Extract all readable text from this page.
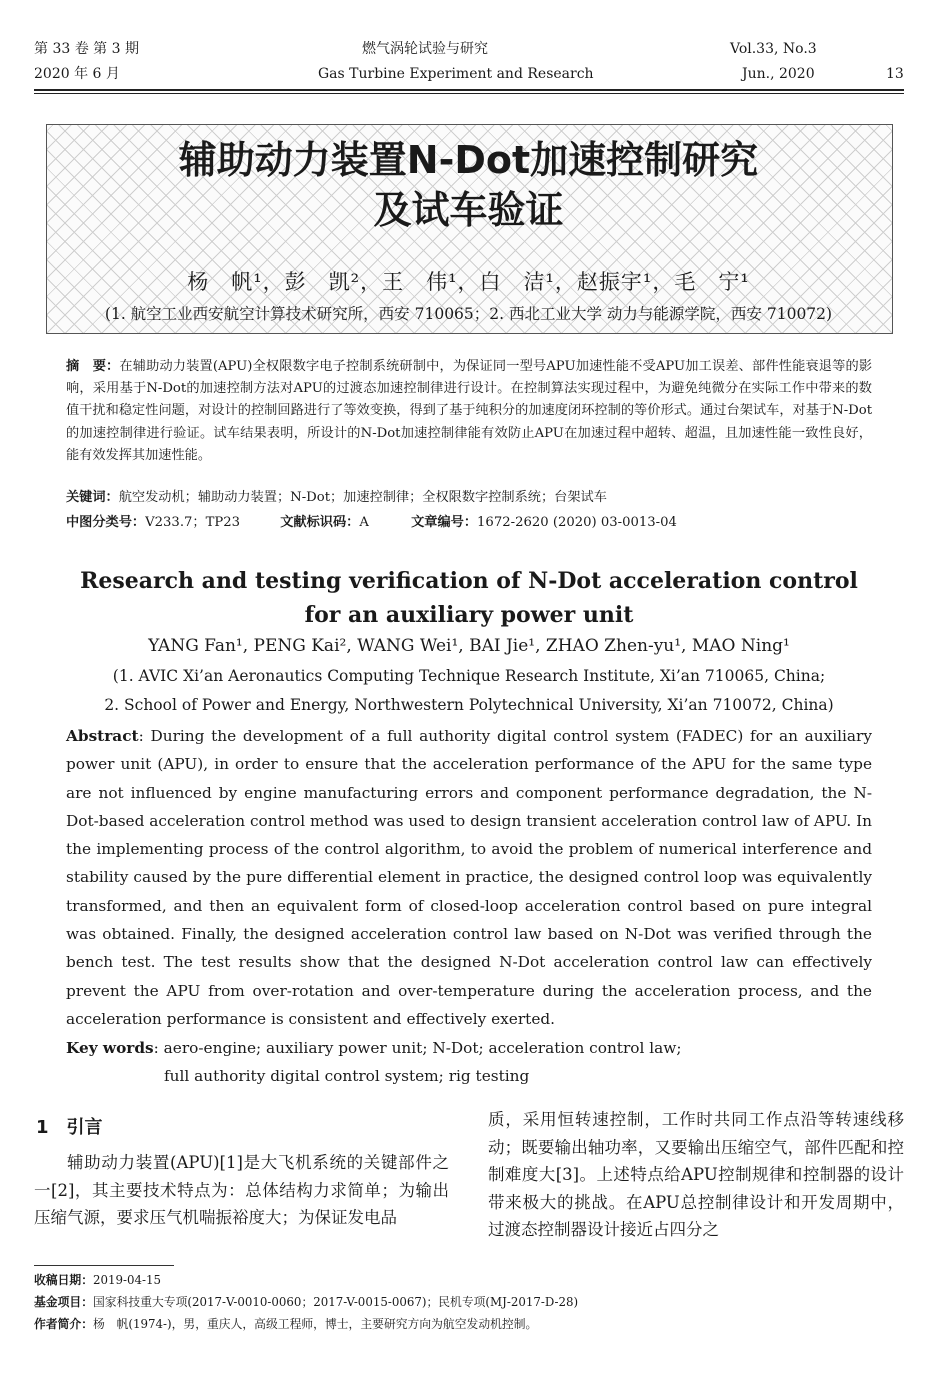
第 33 卷 第 3 期
2020 年 6 月
燃气涡轮试验与研究
Gas Turbine Experiment and Research
Vol.33, No.3
Jun., 2020	13
辅助动力装置N-Dot加速控制研究
及试车验证
杨　帆¹，彭　凯²，王　伟¹，白　洁¹，赵振宇¹，毛　宁¹
(1. 航空工业西安航空计算技术研究所，西安 710065；2. 西北工业大学 动力与能源学院，西安 710072)

摘　要：在辅助动力装置(APU)全权限数字电子控制系统研制中，为保证同一型号APU加速性能不受APU加工误差、部件性能衰退等的影响，采用基于N-Dot的加速控制方法对APU的过渡态加速控制律进行设计。在控制算法实现过程中，为避免纯微分在实际工作中带来的数值干扰和稳定性问题，对设计的控制回路进行了等效变换，得到了基于纯积分的加速度闭环控制的等价形式。通过台架试车，对基于N-Dot的加速控制律进行验证。试车结果表明，所设计的N-Dot加速控制律能有效防止APU在加速过程中超转、超温，且加速性能一致性良好，能有效发挥其加速性能。

关键词：航空发动机；辅助动力装置；N-Dot；加速控制律；全权限数字控制系统；台架试车
中图分类号：V233.7；TP23	文献标识码：A	文章编号：1672-2620 (2020) 03-0013-04
Research and testing verification of N-Dot acceleration control
for an auxiliary power unit
YANG Fan¹, PENG Kai², WANG Wei¹, BAI Jie¹, ZHAO Zhen-yu¹, MAO Ning¹
(1. AVIC Xi’an Aeronautics Computing Technique Research Institute, Xi’an 710065, China;
2. School of Power and Energy, Northwestern Polytechnical University, Xi’an 710072, China)

Abstract: During the development of a full authority digital control system (FADEC) for an auxiliary power unit (APU), in order to ensure that the acceleration performance of the APU for the same type are not influenced by engine manufacturing errors and component performance degradation, the N-Dot-based acceleration control method was used to design transient acceleration control law of APU. In the implementing process of the control algorithm, to avoid the problem of numerical interference and stability caused by the pure differential element in practice, the designed control loop was equivalently transformed, and then an equivalent form of closed-loop acceleration control based on pure integral was obtained. Finally, the designed acceleration control law based on N-Dot was verified through the bench test. The test results show that the designed N-Dot acceleration control law can effectively prevent the APU from over-rotation and over-temperature during the acceleration process, and the acceleration performance is consistent and effectively exerted.

Key words: aero-engine; auxiliary power unit; N-Dot; acceleration control law;
full authority digital control system; rig testing
1　引言

辅助动力装置(APU)[1]是大飞机系统的关键部件之一[2]，其主要技术特点为：总体结构力求简单；为输出压缩气源，要求压气机喘振裕度大；为保证发电品

质，采用恒转速控制，工作时共同工作点沿等转速线移动；既要输出轴功率，又要输出压缩空气，部件匹配和控制难度大[3]。上述特点给APU控制规律和控制器的设计带来极大的挑战。在APU总控制律设计和开发周期中，过渡态控制器设计接近占四分之

收稿日期：2019-04-15
基金项目：国家科技重大专项(2017-V-0010-0060；2017-V-0015-0067)；民机专项(MJ-2017-D-28)
作者简介：杨　帆(1974-)，男，重庆人，高级工程师，博士，主要研究方向为航空发动机控制。
